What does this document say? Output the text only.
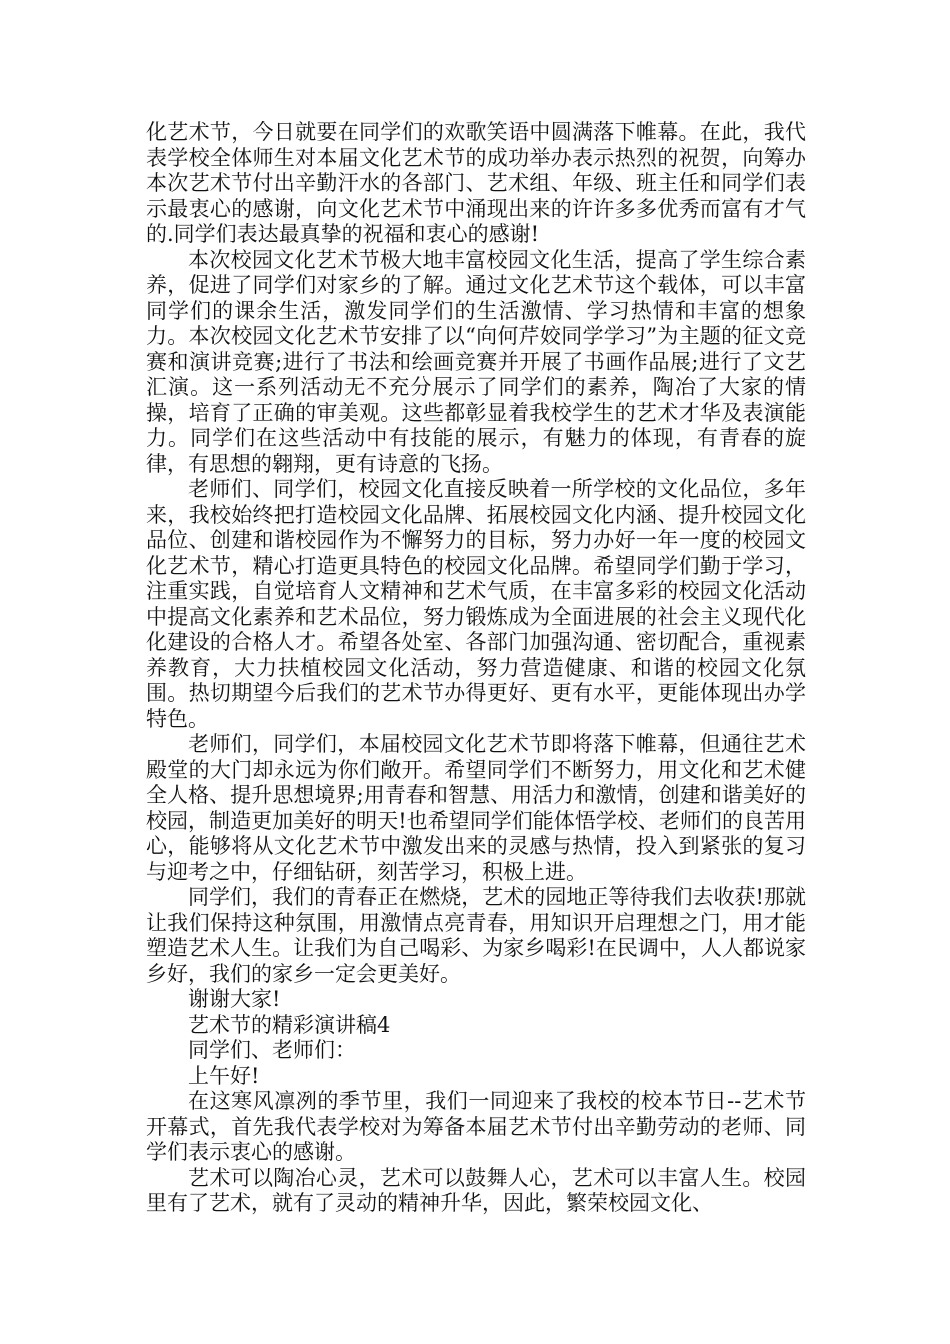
化艺术节，今日就要在同学们的欢歌笑语中圆满落下帷幕。在此，我代表学校全体师生对本届文化艺术节的成功举办表示热烈的祝贺，向筹办本次艺术节付出辛勤汗水的各部门、艺术组、年级、班主任和同学们表示最衷心的感谢，向文化艺术节中涌现出来的许许多多优秀而富有才气的.同学们表达最真挚的祝福和衷心的感谢!

本次校园文化艺术节极大地丰富校园文化生活，提高了学生综合素养，促进了同学们对家乡的了解。通过文化艺术节这个载体，可以丰富同学们的课余生活，激发同学们的生活激情、学习热情和丰富的想象力。本次校园文化艺术节安排了以“向何芹姣同学学习”为主题的征文竞赛和演讲竞赛;进行了书法和绘画竞赛并开展了书画作品展;进行了文艺汇演。这一系列活动无不充分展示了同学们的素养，陶冶了大家的情操，培育了正确的审美观。这些都彰显着我校学生的艺术才华及表演能力。同学们在这些活动中有技能的展示，有魅力的体现，有青春的旋律，有思想的翱翔，更有诗意的飞扬。

老师们、同学们，校园文化直接反映着一所学校的文化品位，多年来，我校始终把打造校园文化品牌、拓展校园文化内涵、提升校园文化品位、创建和谐校园作为不懈努力的目标，努力办好一年一度的校园文化艺术节，精心打造更具特色的校园文化品牌。希望同学们勤于学习，注重实践，自觉培育人文精神和艺术气质，在丰富多彩的校园文化活动中提高文化素养和艺术品位，努力锻炼成为全面进展的社会主义现代化化建设的合格人才。希望各处室、各部门加强沟通、密切配合，重视素养教育，大力扶植校园文化活动，努力营造健康、和谐的校园文化氛围。热切期望今后我们的艺术节办得更好、更有水平，更能体现出办学特色。

老师们，同学们，本届校园文化艺术节即将落下帷幕，但通往艺术殿堂的大门却永远为你们敞开。希望同学们不断努力，用文化和艺术健全人格、提升思想境界;用青春和智慧、用活力和激情，创建和谐美好的校园，制造更加美好的明天!也希望同学们能体悟学校、老师们的良苦用心，能够将从文化艺术节中激发出来的灵感与热情，投入到紧张的复习与迎考之中，仔细钻研，刻苦学习，积极上进。

同学们，我们的青春正在燃烧，艺术的园地正等待我们去收获!那就让我们保持这种氛围，用激情点亮青春，用知识开启理想之门，用才能塑造艺术人生。让我们为自己喝彩、为家乡喝彩!在民调中，人人都说家乡好，我们的家乡一定会更美好。

谢谢大家!

艺术节的精彩演讲稿4

同学们、老师们：

上午好!

在这寒风凛冽的季节里，我们一同迎来了我校的校本节日--艺术节开幕式，首先我代表学校对为筹备本届艺术节付出辛勤劳动的老师、同学们表示衷心的感谢。

艺术可以陶冶心灵，艺术可以鼓舞人心，艺术可以丰富人生。校园里有了艺术，就有了灵动的精神升华，因此，繁荣校园文化、
